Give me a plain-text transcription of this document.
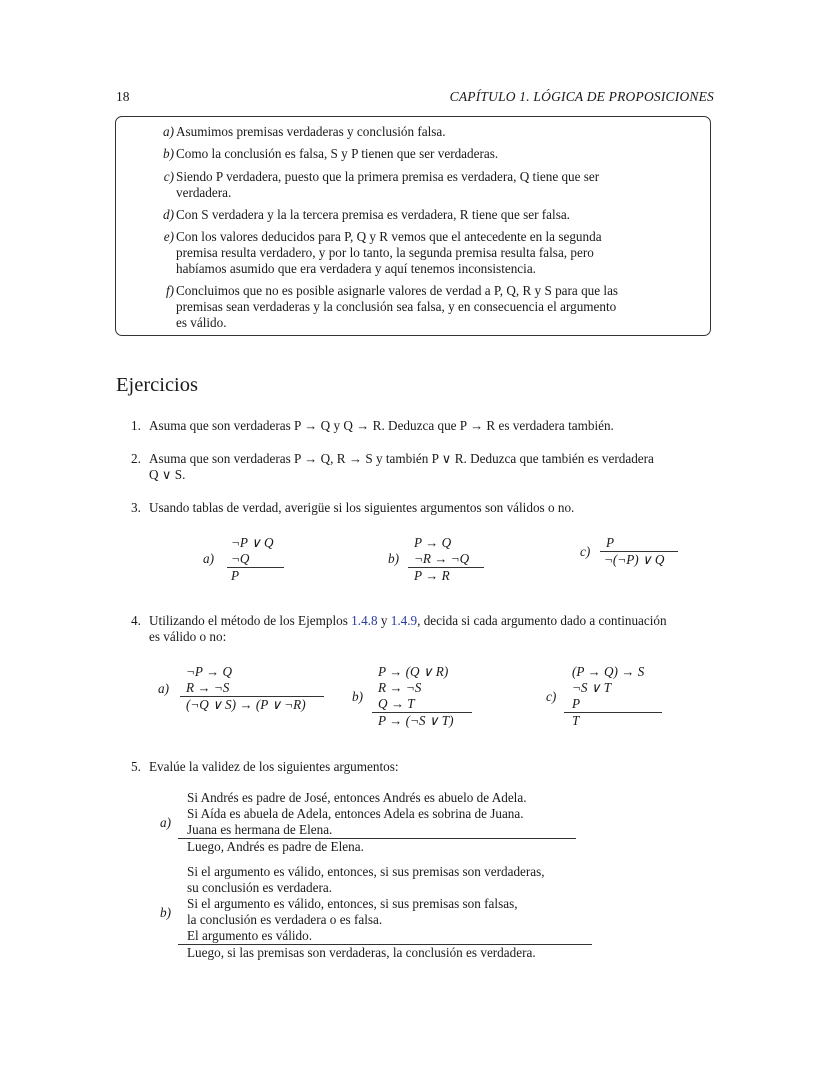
18	CAPÍTULO 1. LÓGICA DE PROPOSICIONES
a) Asumimos premisas verdaderas y conclusión falsa.
b) Como la conclusión es falsa, S y P tienen que ser verdaderas.
c) Siendo P verdadera, puesto que la primera premisa es verdadera, Q tiene que ser
verdadera.
d) Con S verdadera y la la tercera premisa es verdadera, R tiene que ser falsa.
e) Con los valores deducidos para P, Q y R vemos que el antecedente en la segunda
premisa resulta verdadero, y por lo tanto, la segunda premisa resulta falsa, pero
habíamos asumido que era verdadera y aquí tenemos inconsistencia.
f) Concluimos que no es posible asignarle valores de verdad a P, Q, R y S para que las
premisas sean verdaderas y la conclusión sea falsa, y en consecuencia el argumento
es válido.
Ejercicios
1. Asuma que son verdaderas P → Q y Q → R. Deduzca que P → R es verdadera también.
2. Asuma que son verdaderas P → Q, R → S y también P ∨ R. Deduzca que también es verdadera
Q ∨ S.
3. Usando tablas de verdad, averigüe si los siguientes argumentos son válidos o no.
a)
¬P ∨ Q
¬Q
P
b)
P → Q
¬R → ¬Q
P → R
c)
P
¬(¬P) ∨ Q
4. Utilizando el método de los Ejemplos 1.4.8 y 1.4.9, decida si cada argumento dado a continuación
es válido o no:
a)
¬P → Q
R → ¬S
(¬Q ∨ S) → (P ∨ ¬R)
b)
P → (Q ∨ R)
R → ¬S
Q → T
P → (¬S ∨ T)
c)
(P → Q) → S
¬S ∨ T
P
T
5. Evalúe la validez de los siguientes argumentos:
a)
Si Andrés es padre de José, entonces Andrés es abuelo de Adela.
Si Aída es abuela de Adela, entonces Adela es sobrina de Juana.
Juana es hermana de Elena.
Luego, Andrés es padre de Elena.
b)
Si el argumento es válido, entonces, si sus premisas son verdaderas,
su conclusión es verdadera.
Si el argumento es válido, entonces, si sus premisas son falsas,
la conclusión es verdadera o es falsa.
El argumento es válido.
Luego, si las premisas son verdaderas, la conclusión es verdadera.
